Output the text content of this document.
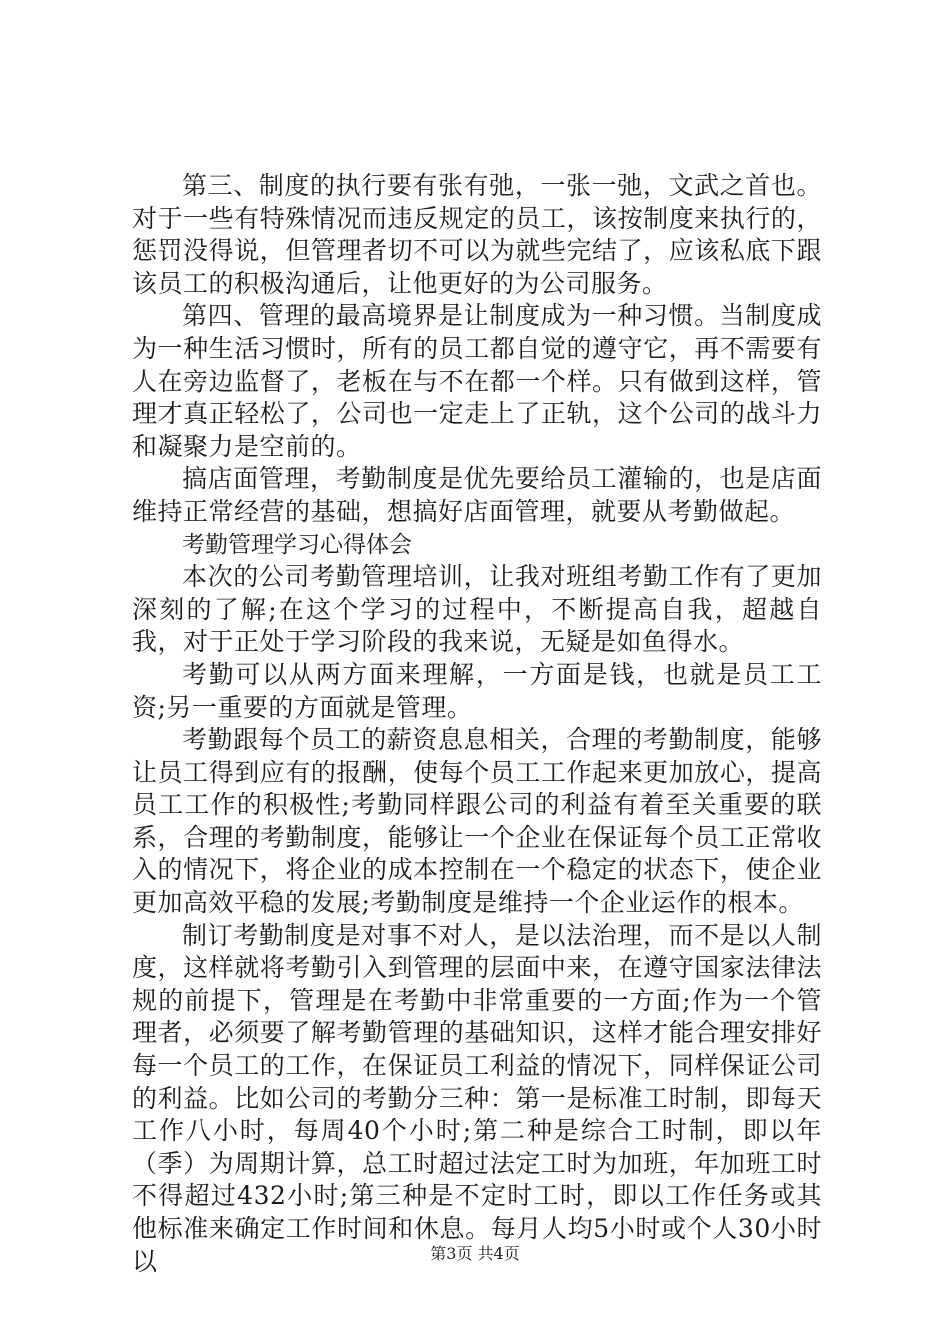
第三、制度的执行要有张有弛，一张一弛，文武之首也。对于一些有特殊情况而违反规定的员工，该按制度来执行的，惩罚没得说，但管理者切不可以为就些完结了，应该私底下跟该员工的积极沟通后，让他更好的为公司服务。

第四、管理的最高境界是让制度成为一种习惯。当制度成为一种生活习惯时，所有的员工都自觉的遵守它，再不需要有人在旁边监督了，老板在与不在都一个样。只有做到这样，管理才真正轻松了，公司也一定走上了正轨，这个公司的战斗力和凝聚力是空前的。

搞店面管理，考勤制度是优先要给员工灌输的，也是店面维持正常经营的基础，想搞好店面管理，就要从考勤做起。

考勤管理学习心得体会

本次的公司考勤管理培训，让我对班组考勤工作有了更加深刻的了解;在这个学习的过程中，不断提高自我，超越自我，对于正处于学习阶段的我来说，无疑是如鱼得水。

考勤可以从两方面来理解，一方面是钱，也就是员工工资;另一重要的方面就是管理。

考勤跟每个员工的薪资息息相关，合理的考勤制度，能够让员工得到应有的报酬，使每个员工工作起来更加放心，提高员工工作的积极性;考勤同样跟公司的利益有着至关重要的联系，合理的考勤制度，能够让一个企业在保证每个员工正常收入的情况下，将企业的成本控制在一个稳定的状态下，使企业更加高效平稳的发展;考勤制度是维持一个企业运作的根本。

制订考勤制度是对事不对人，是以法治理，而不是以人制度，这样就将考勤引入到管理的层面中来，在遵守国家法律法规的前提下，管理是在考勤中非常重要的一方面;作为一个管理者，必须要了解考勤管理的基础知识，这样才能合理安排好每一个员工的工作，在保证员工利益的情况下，同样保证公司的利益。比如公司的考勤分三种：第一是标准工时制，即每天工作八小时，每周40个小时;第二种是综合工时制，即以年（季）为周期计算，总工时超过法定工时为加班，年加班工时不得超过432小时;第三种是不定时工时，即以工作任务或其他标准来确定工作时间和休息。每月人均5小时或个人30小时以	第3页 共4页
